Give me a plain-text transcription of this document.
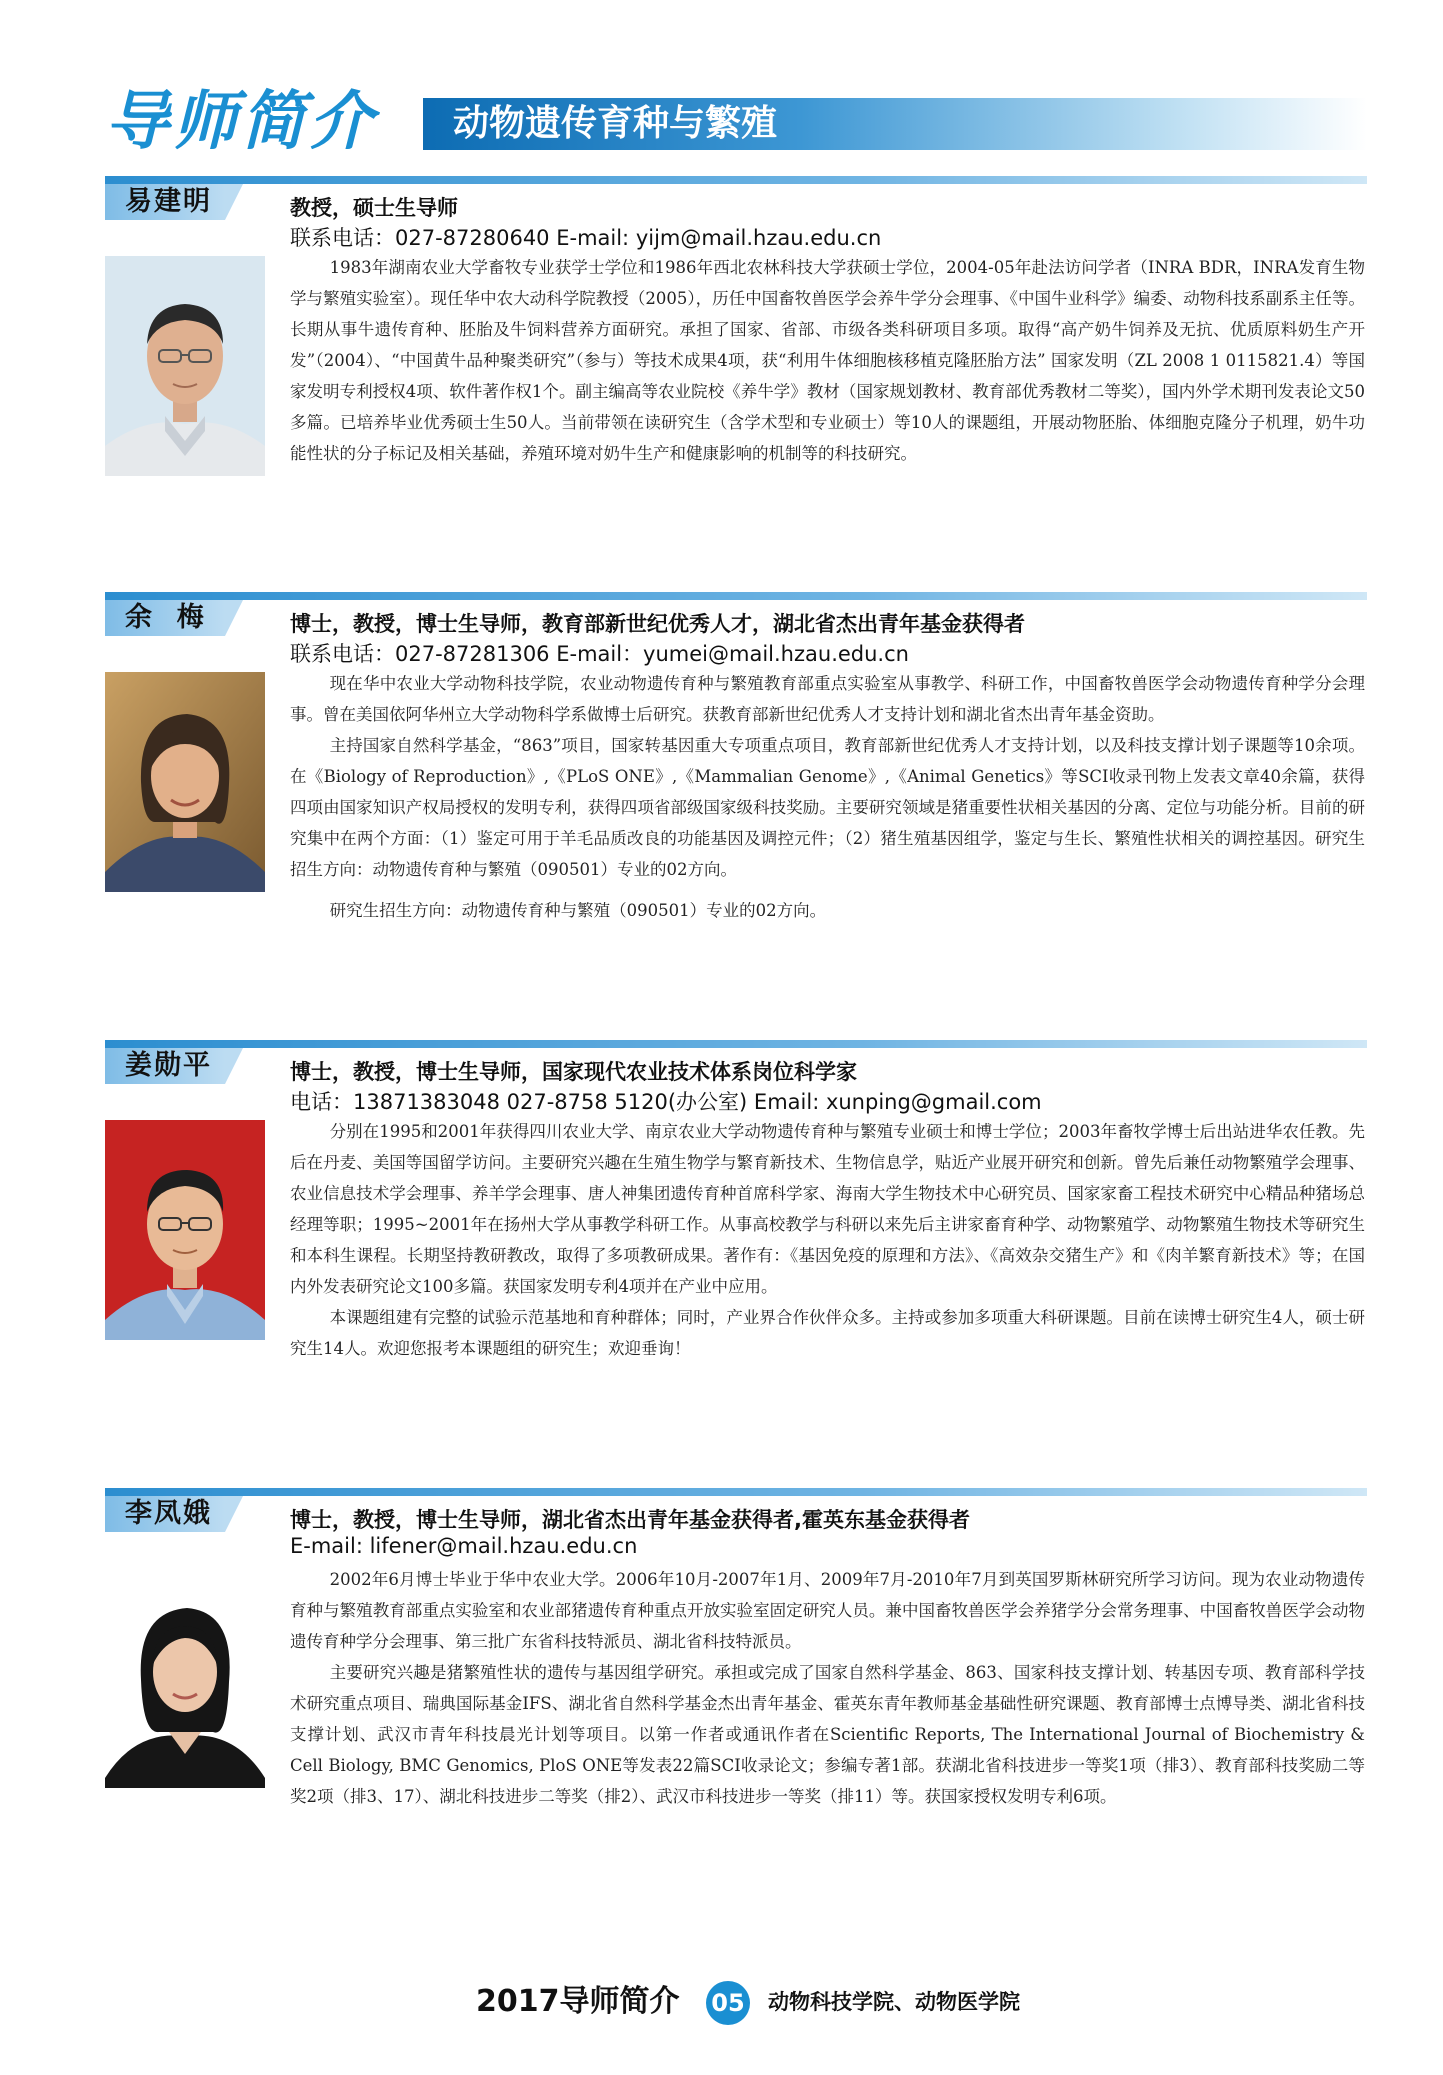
导师简介 动物遗传育种与繁殖
易建明	教授，硕士生导师
联系电话：027-87280640 E-mail: yijm@mail.hzau.edu.cn

1983年湖南农业大学畜牧专业获学士学位和1986年西北农林科技大学获硕士学位，2004-05年赴法访问学者（INRA BDR，INRA发育生物学与繁殖实验室）。现任华中农大动科学院教授（2005），历任中国畜牧兽医学会养牛学分会理事、《中国牛业科学》编委、动物科技系副系主任等。长期从事牛遗传育种、胚胎及牛饲料营养方面研究。承担了国家、省部、市级各类科研项目多项。取得“高产奶牛饲养及无抗、优质原料奶生产开发”（2004）、“中国黄牛品种聚类研究”（参与）等技术成果4项，获“利用牛体细胞核移植克隆胚胎方法” 国家发明（ZL 2008 1 0115821.4）等国家发明专利授权4项、软件著作权1个。副主编高等农业院校《养牛学》教材（国家规划教材、教育部优秀教材二等奖），国内外学术期刊发表论文50多篇。已培养毕业优秀硕士生50人。当前带领在读研究生（含学术型和专业硕士）等10人的课题组，开展动物胚胎、体细胞克隆分子机理，奶牛功能性状的分子标记及相关基础，养殖环境对奶牛生产和健康影响的机制等的科技研究。

余  梅	博士，教授，博士生导师，教育部新世纪优秀人才，湖北省杰出青年基金获得者
联系电话：027-87281306 E-mail：yumei@mail.hzau.edu.cn

现在华中农业大学动物科技学院，农业动物遗传育种与繁殖教育部重点实验室从事教学、科研工作，中国畜牧兽医学会动物遗传育种学分会理事。曾在美国依阿华州立大学动物科学系做博士后研究。获教育部新世纪优秀人才支持计划和湖北省杰出青年基金资助。

主持国家自然科学基金，“863”项目，国家转基因重大专项重点项目，教育部新世纪优秀人才支持计划，以及科技支撑计划子课题等10余项。在《Biology of Reproduction》,《PLoS ONE》,《Mammalian Genome》,《Animal Genetics》等SCI收录刊物上发表文章40余篇，获得四项由国家知识产权局授权的发明专利，获得四项省部级国家级科技奖励。主要研究领域是猪重要性状相关基因的分离、定位与功能分析。目前的研究集中在两个方面：（1）鉴定可用于羊毛品质改良的功能基因及调控元件；（2）猪生殖基因组学，鉴定与生长、繁殖性状相关的调控基因。研究生招生方向：动物遗传育种与繁殖（090501）专业的02方向。

研究生招生方向：动物遗传育种与繁殖（090501）专业的02方向。

姜勋平	博士，教授，博士生导师，国家现代农业技术体系岗位科学家
电话：13871383048 027-8758 5120(办公室) Email: xunping@gmail.com

分别在1995和2001年获得四川农业大学、南京农业大学动物遗传育种与繁殖专业硕士和博士学位；2003年畜牧学博士后出站进华农任教。先后在丹麦、美国等国留学访问。主要研究兴趣在生殖生物学与繁育新技术、生物信息学，贴近产业展开研究和创新。曾先后兼任动物繁殖学会理事、农业信息技术学会理事、养羊学会理事、唐人神集团遗传育种首席科学家、海南大学生物技术中心研究员、国家家畜工程技术研究中心精品种猪场总经理等职；1995~2001年在扬州大学从事教学科研工作。从事高校教学与科研以来先后主讲家畜育种学、动物繁殖学、动物繁殖生物技术等研究生和本科生课程。长期坚持教研教改，取得了多项教研成果。著作有：《基因免疫的原理和方法》、《高效杂交猪生产》和《肉羊繁育新技术》等；在国内外发表研究论文100多篇。获国家发明专利4项并在产业中应用。

本课题组建有完整的试验示范基地和育种群体；同时，产业界合作伙伴众多。主持或参加多项重大科研课题。目前在读博士研究生4人，硕士研究生14人。欢迎您报考本课题组的研究生；欢迎垂询！

李凤娥	博士，教授，博士生导师，湖北省杰出青年基金获得者,霍英东基金获得者
E-mail: lifener@mail.hzau.edu.cn

2002年6月博士毕业于华中农业大学。2006年10月-2007年1月、2009年7月-2010年7月到英国罗斯林研究所学习访问。现为农业动物遗传育种与繁殖教育部重点实验室和农业部猪遗传育种重点开放实验室固定研究人员。兼中国畜牧兽医学会养猪学分会常务理事、中国畜牧兽医学会动物遗传育种学分会理事、第三批广东省科技特派员、湖北省科技特派员。

主要研究兴趣是猪繁殖性状的遗传与基因组学研究。承担或完成了国家自然科学基金、863、国家科技支撑计划、转基因专项、教育部科学技术研究重点项目、瑞典国际基金IFS、湖北省自然科学基金杰出青年基金、霍英东青年教师基金基础性研究课题、教育部博士点博导类、湖北省科技支撑计划、武汉市青年科技晨光计划等项目。以第一作者或通讯作者在Scientific Reports, The International Journal of Biochemistry & Cell Biology, BMC Genomics, PloS ONE等发表22篇SCI收录论文；参编专著1部。获湖北省科技进步一等奖1项（排3）、教育部科技奖励二等奖2项（排3、17）、湖北科技进步二等奖（排2）、武汉市科技进步一等奖（排11）等。获国家授权发明专利6项。

2017导师简介 05 动物科技学院、动物医学院
